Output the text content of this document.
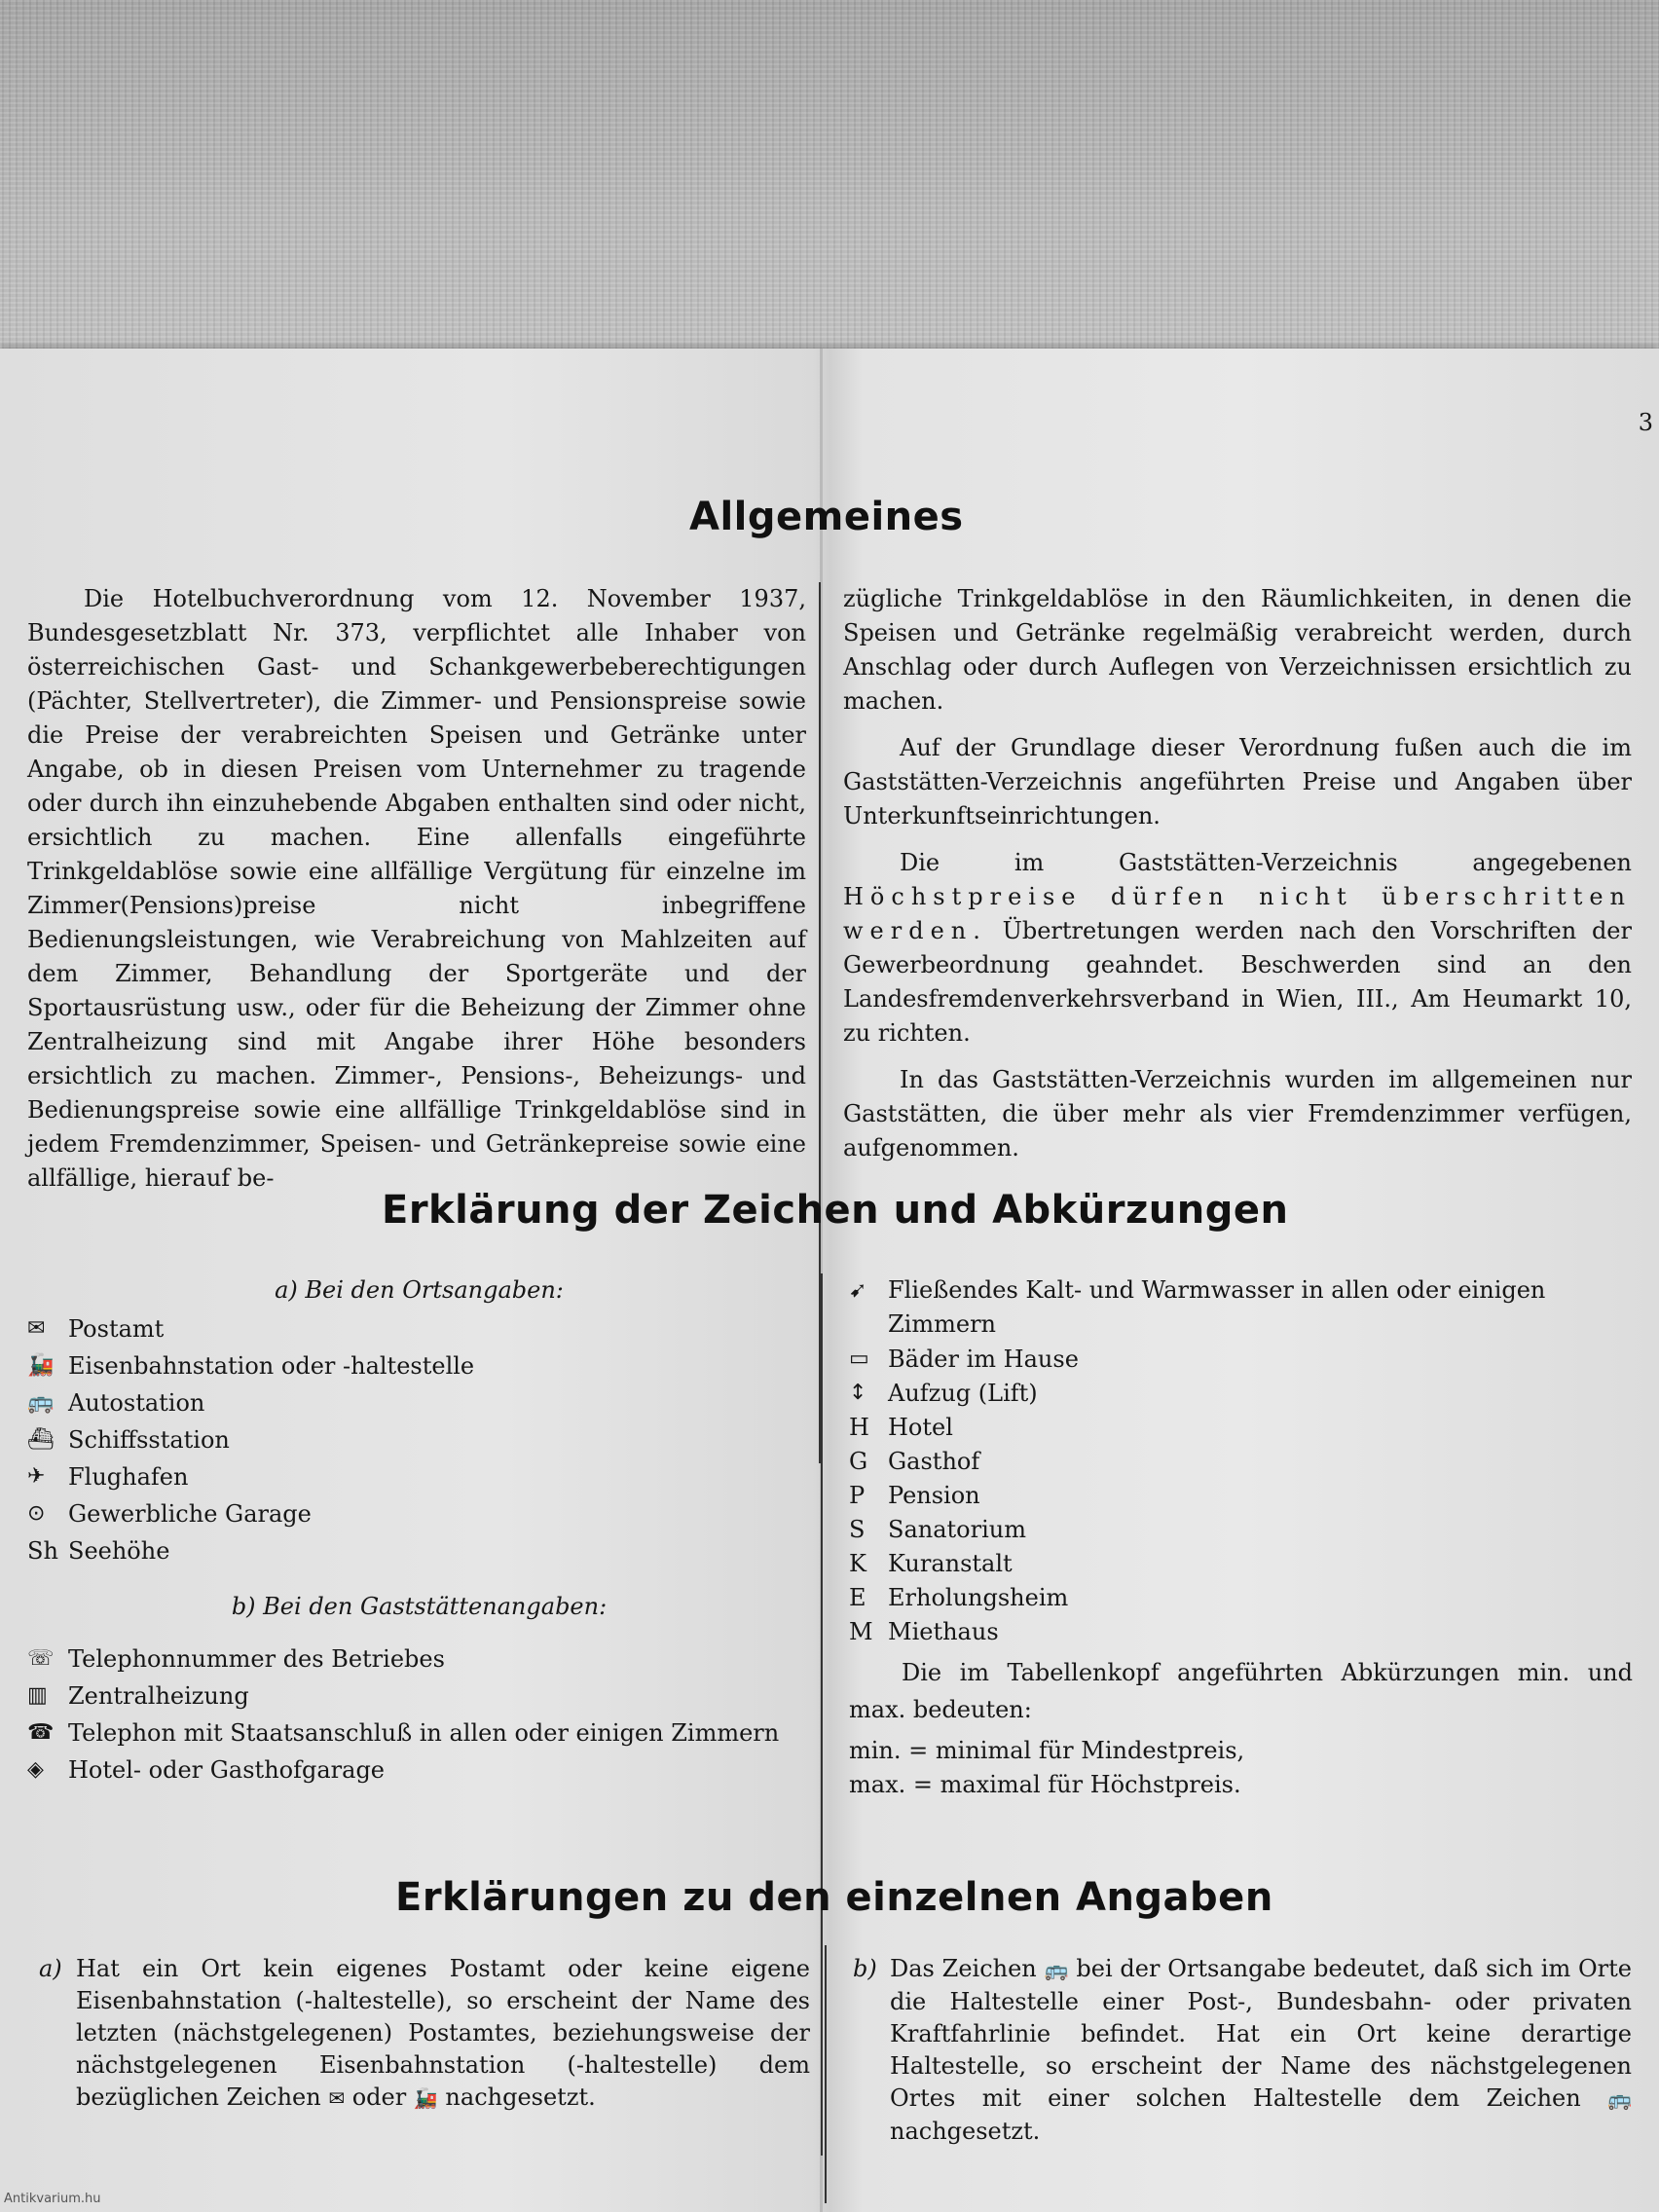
3
Allgemeines

Die Hotelbuchverordnung vom 12. November 1937, Bundesgesetzblatt Nr. 373, verpflichtet alle Inhaber von österreichischen Gast- und Schankgewerbeberechtigungen (Pächter, Stellvertreter), die Zimmer- und Pensionspreise sowie die Preise der verabreichten Speisen und Getränke unter Angabe, ob in diesen Preisen vom Unternehmer zu tragende oder durch ihn einzuhebende Abgaben enthalten sind oder nicht, ersichtlich zu machen. Eine allenfalls eingeführte Trinkgeldablöse sowie eine allfällige Vergütung für einzelne im Zimmer(Pensions)preise nicht inbegriffene Bedienungsleistungen, wie Verabreichung von Mahlzeiten auf dem Zimmer, Behandlung der Sportgeräte und der Sportausrüstung usw., oder für die Beheizung der Zimmer ohne Zentralheizung sind mit Angabe ihrer Höhe besonders ersichtlich zu machen. Zimmer-, Pensions-, Beheizungs- und Bedienungspreise sowie eine allfällige Trinkgeldablöse sind in jedem Fremdenzimmer, Speisen- und Getränkepreise sowie eine allfällige, hierauf be-

zügliche Trinkgeldablöse in den Räumlichkeiten, in denen die Speisen und Getränke regelmäßig verabreicht werden, durch Anschlag oder durch Auflegen von Verzeichnissen ersichtlich zu machen.

Auf der Grundlage dieser Verordnung fußen auch die im Gaststätten-Verzeichnis angeführten Preise und Angaben über Unterkunftseinrichtungen.

Die im Gaststätten-Verzeichnis angegebenen Höchstpreise dürfen nicht überschritten werden. Übertretungen werden nach den Vorschriften der Gewerbeordnung geahndet. Beschwerden sind an den Landesfremdenverkehrsverband in Wien, III., Am Heumarkt 10, zu richten.

In das Gaststätten-Verzeichnis wurden im allgemeinen nur Gaststätten, die über mehr als vier Fremdenzimmer verfügen, aufgenommen.

Erklärung der Zeichen und Abkürzungen
a) Bei den Ortsangaben:
✉ Postamt
🚂 Eisenbahnstation oder -haltestelle
🚌 Autostation
⛴ Schiffsstation
✈ Flughafen
⊙ Gewerbliche Garage
Sh Seehöhe
b) Bei den Gaststättenangaben:
☏ Telephonnummer des Betriebes
▥ Zentralheizung
☎ Telephon mit Staatsanschluß in allen oder einigen Zimmern
◈	Hotel- oder Gasthofgarage
➹ Fließendes Kalt- und Warmwasser in allen oder einigen
Zimmern
▭ Bäder im Hause
↕ Aufzug (Lift)
H Hotel
G Gasthof
P Pension
S Sanatorium
K Kuranstalt
E Erholungsheim
M Miethaus

Die im Tabellenkopf angeführten Abkürzungen min. und max. bedeuten:

min. = minimal für Mindestpreis,
max. = maximal für Höchstpreis.
Erklärungen zu den einzelnen Angaben
a) Hat ein Ort kein eigenes Postamt oder keine eigene Eisenbahnstation (-haltestelle), so erscheint der Name des letzten (nächstgelegenen) Postamtes, beziehungsweise der nächstgelegenen Eisenbahnstation (-haltestelle) dem bezüglichen Zeichen ✉ oder 🚂 nachgesetzt.
b) Das Zeichen 🚌 bei der Ortsangabe bedeutet, daß sich im Orte die Haltestelle einer Post-, Bundesbahn- oder privaten Kraftfahrlinie befindet. Hat ein Ort keine derartige Haltestelle, so erscheint der Name des nächstgelegenen Ortes mit einer solchen Haltestelle dem Zeichen 🚌 nachgesetzt.
Antikvarium.hu
